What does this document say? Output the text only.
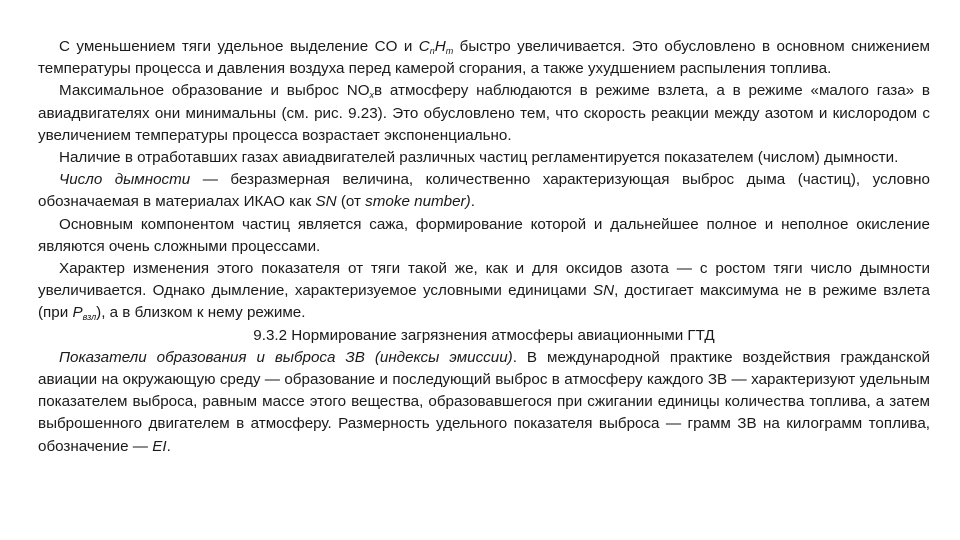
С уменьшением тяги удельное выделение CO и $C_nH_m$ быстро увеличивается. Это обусловлено в основном снижением температуры процесса и давления воздуха перед камерой сгорания, а также ухудшением распыления топлива.

Максимальное образование и выброс $NO_xв$ атмосферу наблюдаются в режиме взлета, а в режиме «малого газа» в авиадвигателях они минимальны (см. рис. 9.23). Это обусловлено тем, что скорость реакции между азотом и кислородом с увеличением температуры процесса возрастает экспоненциально.

Наличие в отработавших газах авиадвигателей различных частиц регламентируется показателем (числом) дымности.

Число дымности — безразмерная величина, количественно характеризующая выброс дыма (частиц), условно обозначаемая в материалах ИКАО как SN (от smoke number).

Основным компонентом частиц является сажа, формирование которой и дальнейшее полное и неполное окисление являются очень сложными процессами.

Характер изменения этого показателя от тяги такой же, как и для оксидов азота — с ростом тяги число дымности увеличивается. Однако дымление, характеризуемое условными единицами SN, достигает максимума не в режиме взлета (при $P_{взл}$), а в близком к нему режиме.

9.3.2 Нормирование загрязнения атмосферы авиационными ГТД

Показатели образования и выброса ЗВ (индексы эмиссии). В международной практике воздействия гражданской авиации на окружающую среду — образование и последующий выброс в атмосферу каждого ЗВ — характеризуют удельным показателем выброса, равным массе этого вещества, образовавшегося при сжигании единицы количества топлива, а затем выброшенного двигателем в атмосферу. Размерность удельного показателя выброса — грамм ЗВ на килограмм топлива, обозначение — EI.
